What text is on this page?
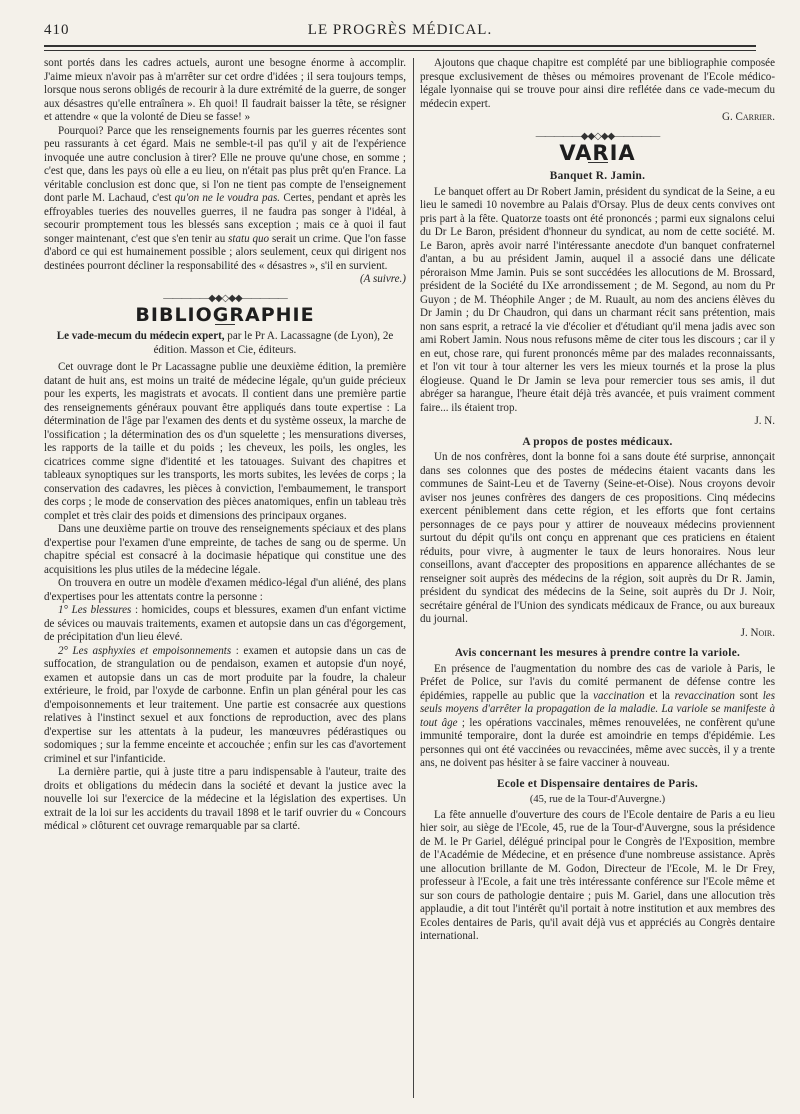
410	LE PROGRÈS MÉDICAL.

sont portés dans les cadres actuels, auront une besogne énorme à accomplir. J'aime mieux n'avoir pas à m'arrêter sur cet ordre d'idées ; il sera toujours temps, lorsque nous serons obligés de recourir à la dure extrémité de la guerre, de songer aux désastres qu'elle entraînera ». Eh quoi! Il faudrait baisser la tête, se résigner et attendre « que la volonté de Dieu se fasse! »

Pourquoi? Parce que les renseignements fournis par les guerres récentes sont peu rassurants à cet égard. Mais ne semble-t-il pas qu'il y ait de l'expérience invoquée une autre conclusion à tirer? Elle ne prouve qu'une chose, en somme ; c'est que, dans les pays où elle a eu lieu, on n'était pas plus prêt qu'en France. La véritable conclusion est donc que, si l'on ne tient pas compte de l'enseignement dont parle M. Lachaud, c'est qu'on ne le voudra pas. Certes, pendant et après les effroyables tueries des nouvelles guerres, il ne faudra pas songer à l'idéal, à secourir promptement tous les blessés sans exception ; mais ce à quoi il faut songer maintenant, c'est que s'en tenir au statu quo serait un crime. Que l'on fasse d'abord ce qui est humainement possible ; alors seulement, ceux qui dirigent nos destinées pourront décliner la responsabilité des « désastres », s'il en survient.
(A suivre.)

—————◆◆◇◆◆—————
BIBLIOGRAPHIE
Le vade-mecum du médecin expert, par le Pr A. Lacassagne (de Lyon), 2e édition. Masson et Cie, éditeurs.

Cet ouvrage dont le Pr Lacassagne publie une deuxième édition, la première datant de huit ans, est moins un traité de médecine légale, qu'un guide précieux pour les experts, les magistrats et avocats. Il contient dans une première partie des renseignements généraux pouvant être appliqués dans toute expertise : La détermination de l'âge par l'examen des dents et du système osseux, la marche de l'ossification ; la détermination des os d'un squelette ; les mensurations diverses, les rapports de la taille et du poids ; les cheveux, les poils, les ongles, les cicatrices comme signe d'identité et les tatouages. Suivant des chapitres et tableaux synoptiques sur les transports, les morts subites, les levées de corps ; la conservation des cadavres, les pièces à conviction, l'embaumement, le transport des corps ; le mode de conservation des pièces anatomiques, enfin un tableau très complet et très clair des poids et dimensions des principaux organes.

Dans une deuxième partie on trouve des renseignements spéciaux et des plans d'expertise pour l'examen d'une empreinte, de taches de sang ou de sperme. Un chapitre spécial est consacré à la docimasie hépatique qui constitue une des acquisitions les plus utiles de la médecine légale.

On trouvera en outre un modèle d'examen médico-légal d'un aliéné, des plans d'expertises pour les attentats contre la personne :

1° Les blessures : homicides, coups et blessures, examen d'un enfant victime de sévices ou mauvais traitements, examen et autopsie dans un cas d'égorgement, de précipitation d'un lieu élevé.

2° Les asphyxies et empoisonnements : examen et autopsie dans un cas de suffocation, de strangulation ou de pendaison, examen et autopsie d'un noyé, examen et autopsie dans un cas de mort produite par la foudre, la chaleur extérieure, le froid, par l'oxyde de carbonne. Enfin un plan général pour les cas d'empoisonnements et leur traitement. Une partie est consacrée aux questions relatives à l'instinct sexuel et aux fonctions de reproduction, avec des plans d'expertise sur les attentats à la pudeur, les manœuvres pédérastiques ou sodomiques ; sur la femme enceinte et accouchée ; enfin sur les cas d'avortement criminel et sur l'infanticide.

La dernière partie, qui à juste titre a paru indispensable à l'auteur, traite des droits et obligations du médecin dans la société et devant la justice avec la nouvelle loi sur l'exercice de la médecine et la législation des expertises. Un extrait de la loi sur les accidents du travail 1898 et le tarif ouvrier du « Concours médical » clôturent cet ouvrage remarquable par sa clarté.

Ajoutons que chaque chapitre est complété par une bibliographie composée presque exclusivement de thèses ou mémoires provenant de l'Ecole médico-légale lyonnaise qui se trouve pour ainsi dire reflétée dans ce vade-mecum du médecin expert.
G. Carrier.

—————◆◆◇◆◆—————
VARIA
Banquet R. Jamin.

Le banquet offert au Dr Robert Jamin, président du syndicat de la Seine, a eu lieu le samedi 10 novembre au Palais d'Orsay. Plus de deux cents convives ont pris part à la fête. Quatorze toasts ont été prononcés ; parmi eux signalons celui du Dr Le Baron, président d'honneur du syndicat, au nom de cette société. M. Le Baron, après avoir narré l'intéressante anecdote d'un banquet confraternel d'antan, a bu au président Jamin, auquel il a associé dans une délicate péroraison Mme Jamin. Puis se sont succédées les allocutions de M. Brossard, président de la Société du IXe arrondissement ; de M. Segond, au nom du Pr Guyon ; de M. Théophile Anger ; de M. Ruault, au nom des anciens élèves du Dr Jamin ; du Dr Chaudron, qui dans un charmant récit sans prétention, mais non sans esprit, a retracé la vie d'écolier et d'étudiant qu'il mena jadis avec son ami Robert Jamin. Nous nous refusons même de citer tous les discours ; car il y en eut, chose rare, qui furent prononcés même par des malades reconnaissants, et l'on vit tour à tour alterner les vers les mieux tournés et la prose la plus élogieuse. Quand le Dr Jamin se leva pour remercier tous ses amis, il dut abréger sa harangue, l'heure était déjà très avancée, et puis vraiment comment faire... ils étaient trop.
J. N.

A propos de postes médicaux.

Un de nos confrères, dont la bonne foi a sans doute été surprise, annonçait dans ses colonnes que des postes de médecins étaient vacants dans les communes de Saint-Leu et de Taverny (Seine-et-Oise). Nous croyons devoir aviser nos jeunes confrères des dangers de ces propositions. Cinq médecins exercent péniblement dans cette région, et les efforts que font certains personnages de ce pays pour y attirer de nouveaux médecins proviennent surtout du dépit qu'ils ont conçu en apprenant que ces praticiens en étaient réduits, pour vivre, à augmenter le taux de leurs honoraires. Nous leur conseillons, avant d'accepter des propositions en apparence alléchantes de se renseigner soit auprès des médecins de la région, soit auprès du Dr R. Jamin, président du syndicat des médecins de la Seine, soit auprès du Dr J. Noir, secrétaire général de l'Union des syndicats médicaux de France, ou aux bureaux du journal.
J. Noir.

Avis concernant les mesures à prendre contre la variole.

En présence de l'augmentation du nombre des cas de variole à Paris, le Préfet de Police, sur l'avis du comité permanent de défense contre les épidémies, rappelle au public que la vaccination et la revaccination sont les seuls moyens d'arrêter la propagation de la maladie. La variole se manifeste à tout âge ; les opérations vaccinales, mêmes renouvelées, ne confèrent qu'une immunité temporaire, dont la durée est amoindrie en temps d'épidémie. Les personnes qui ont été vaccinées ou revaccinées, même avec succès, il y a trente ans, ne doivent pas hésiter à se faire vacciner à nouveau.

Ecole et Dispensaire dentaires de Paris.
(45, rue de la Tour-d'Auvergne.)

La fête annuelle d'ouverture des cours de l'Ecole dentaire de Paris a eu lieu hier soir, au siège de l'Ecole, 45, rue de la Tour-d'Auvergne, sous la présidence de M. le Pr Gariel, délégué principal pour le Congrès de l'Exposition, membre de l'Académie de Médecine, et en présence d'une nombreuse assistance. Après une allocution brillante de M. Godon, Directeur de l'Ecole, M. le Dr Frey, professeur à l'Ecole, a fait une très intéressante conférence sur l'Ecole même et sur son cours de pathologie dentaire ; puis M. Gariel, dans une allocution très applaudie, a dit tout l'intérêt qu'il portait à notre institution et aux membres des Ecoles dentaires de Paris, qu'il avait déjà vus et appréciés au Congrès dentaire international.
